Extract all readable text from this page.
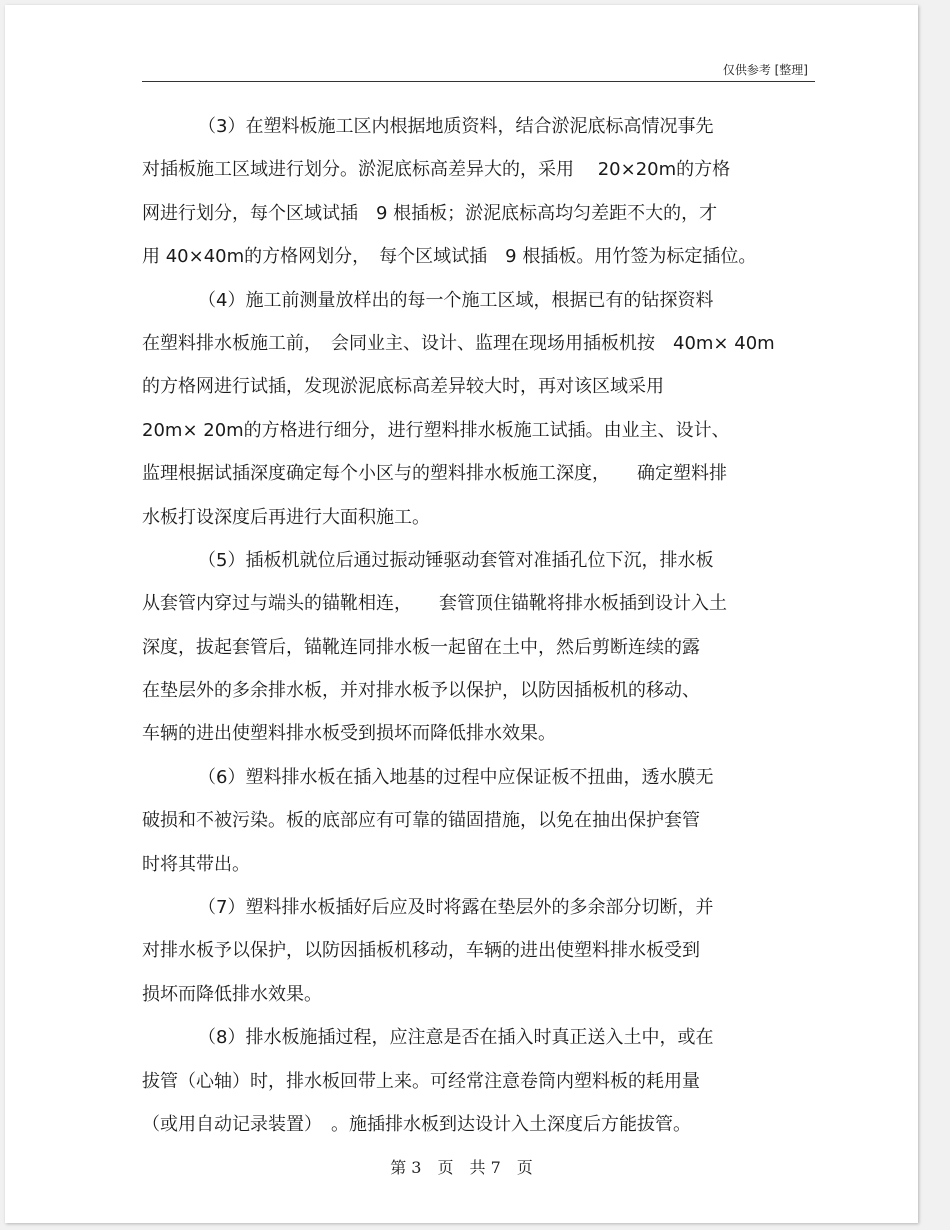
仅供参考 [整理]
（3）在塑料板施工区内根据地质资料，结合淤泥底标高情况事先
对插板施工区域进行划分。淤泥底标高差异大的，采用　 20×20m的方格
网进行划分，每个区域试插　9 根插板；淤泥底标高均匀差距不大的，才
用 40×40m的方格网划分，　每个区域试插　9 根插板。用竹签为标定插位。
（4）施工前测量放样出的每一个施工区域，根据已有的钻探资料
在塑料排水板施工前，　会同业主、设计、监理在现场用插板机按　40m× 40m
的方格网进行试插，发现淤泥底标高差异较大时，再对该区域采用
20m× 20m的方格进行细分，进行塑料排水板施工试插。由业主、设计、
监理根据试插深度确定每个小区与的塑料排水板施工深度，　　确定塑料排
水板打设深度后再进行大面积施工。
（5）插板机就位后通过振动锤驱动套管对准插孔位下沉，排水板
从套管内穿过与端头的锚靴相连，　　套管顶住锚靴将排水板插到设计入土
深度，拔起套管后，锚靴连同排水板一起留在土中，然后剪断连续的露
在垫层外的多余排水板，并对排水板予以保护，以防因插板机的移动、
车辆的进出使塑料排水板受到损坏而降低排水效果。
（6）塑料排水板在插入地基的过程中应保证板不扭曲，透水膜无
破损和不被污染。板的底部应有可靠的锚固措施，以免在抽出保护套管
时将其带出。
（7）塑料排水板插好后应及时将露在垫层外的多余部分切断，并
对排水板予以保护，以防因插板机移动，车辆的进出使塑料排水板受到
损坏而降低排水效果。
（8）排水板施插过程，应注意是否在插入时真正送入土中，或在
拔管（心轴）时，排水板回带上来。可经常注意卷筒内塑料板的耗用量
（或用自动记录装置）　。施插排水板到达设计入土深度后方能拔管。
第 3　页　共 7　页
